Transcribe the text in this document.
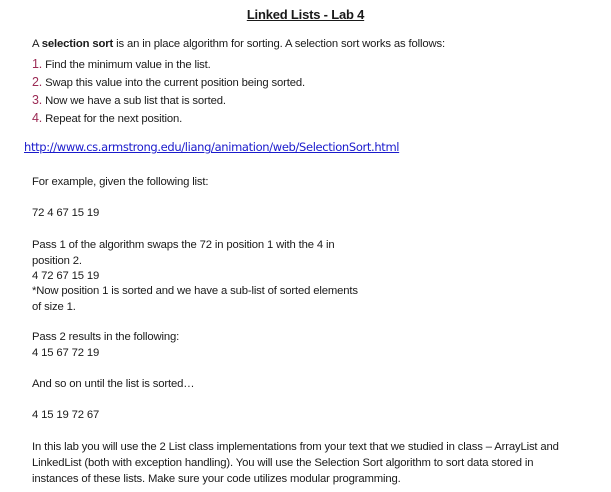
Linked Lists - Lab 4
A selection sort is an in place algorithm for sorting. A selection sort works as follows:
1. Find the minimum value in the list.
2. Swap this value into the current position being sorted.
3. Now we have a sub list that is sorted.
4. Repeat for the next position.
http://www.cs.armstrong.edu/liang/animation/web/SelectionSort.html
For example, given the following list:
72 4 67 15 19
Pass 1 of the algorithm swaps the 72 in position 1 with the 4 in
position 2.
4 72 67 15 19
*Now position 1 is sorted and we have a sub-list of sorted elements
of size 1.
Pass 2 results in the following:
4 15 67 72 19
And so on until the list is sorted…
4 15 19 72 67
In this lab you will use the 2 List class implementations from your text that we studied in class – ArrayList and
LinkedList (both with exception handling). You will use the Selection Sort algorithm to sort data stored in
instances of these lists. Make sure your code utilizes modular programming.
